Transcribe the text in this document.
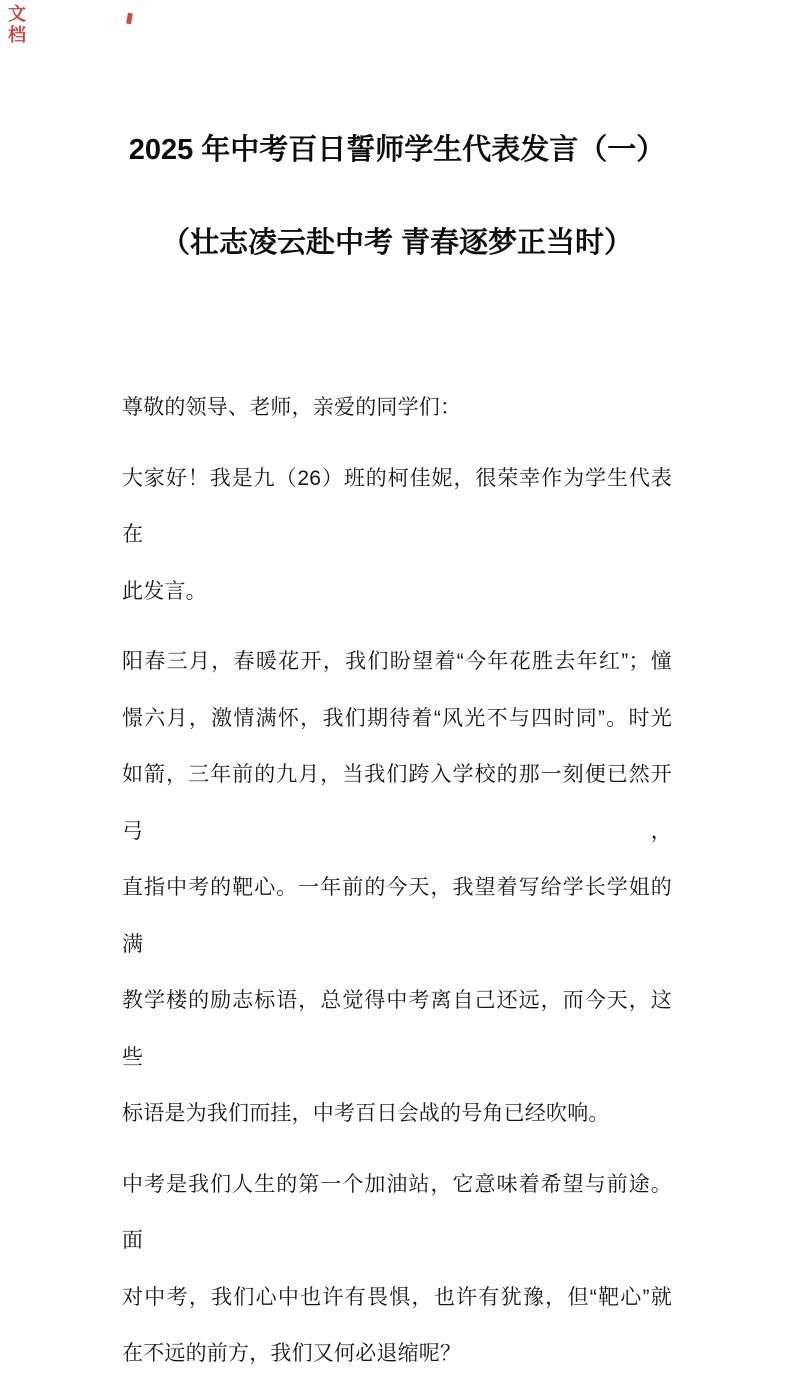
文
档
2025 年中考百日誓师学生代表发言（一）
（壮志凌云赴中考 青春逐梦正当时）
尊敬的领导、老师，亲爱的同学们：
大家好！我是九（26）班的柯佳妮，很荣幸作为学生代表在
此发言。
阳春三月，春暖花开，我们盼望着“今年花胜去年红”；憧
憬六月，激情满怀，我们期待着“风光不与四时同”。时光
如箭，三年前的九月，当我们跨入学校的那一刻便已然开弓，
直指中考的靶心。一年前的今天，我望着写给学长学姐的满
教学楼的励志标语，总觉得中考离自己还远，而今天，这些
标语是为我们而挂，中考百日会战的号角已经吹响。
中考是我们人生的第一个加油站，它意味着希望与前途。面
对中考，我们心中也许有畏惧，也许有犹豫，但“靶心”就
在不远的前方，我们又何必退缩呢？
